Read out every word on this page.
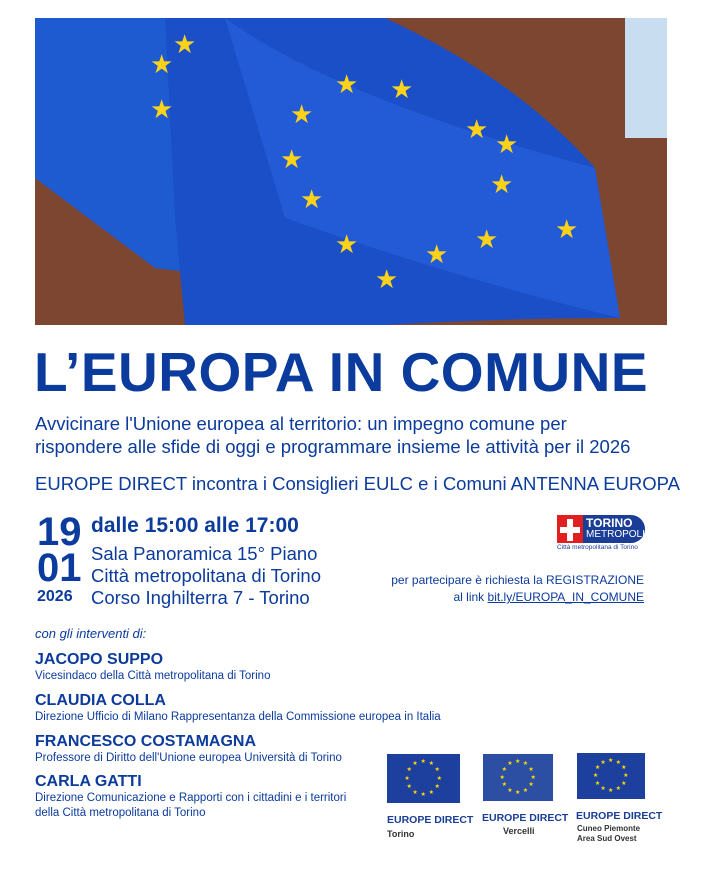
★
★
★
★
★
★
★ ★
★
★
★ ★
★
★
★
★
L’EUROPA IN COMUNE
Avvicinare l'Unione europea al territorio: un impegno comune per
rispondere alle sfide di oggi e programmare insieme le attività per il 2026
EUROPE DIRECT incontra i Consiglieri EULC e i Comuni ANTENNA EUROPA
19
01
2026
dalle 15:00 alle 17:00
Sala Panoramica 15° Piano
Città metropolitana di Torino
Corso Inghilterra 7 - Torino
TORINO
METROPOLI
Città metropolitana di Torino
per partecipare è richiesta la REGISTRAZIONE
al link bit.ly/EUROPA_IN_COMUNE
con gli interventi di:
JACOPO SUPPO
Vicesindaco della Città metropolitana di Torino
CLAUDIA COLLA
Direzione Ufficio di Milano Rappresentanza della Commissione europea in Italia
FRANCESCO COSTAMAGNA
Professore di Diritto dell'Unione europea Università di Torino
CARLA GATTI
Direzione Comunicazione e Rapporti con i cittadini e i territori
della Città metropolitana di Torino
★ ★
★
★
★
★
★
★
★
★
★
★
EUROPE DIRECT
Torino
★ ★
★
★
★
★
★
★
★
★
★
★
EUROPE DIRECT
Vercelli
★ ★
★
★
★
★
★
★
★
★
★
★
EUROPE DIRECT
Cuneo Piemonte
Area Sud Ovest
